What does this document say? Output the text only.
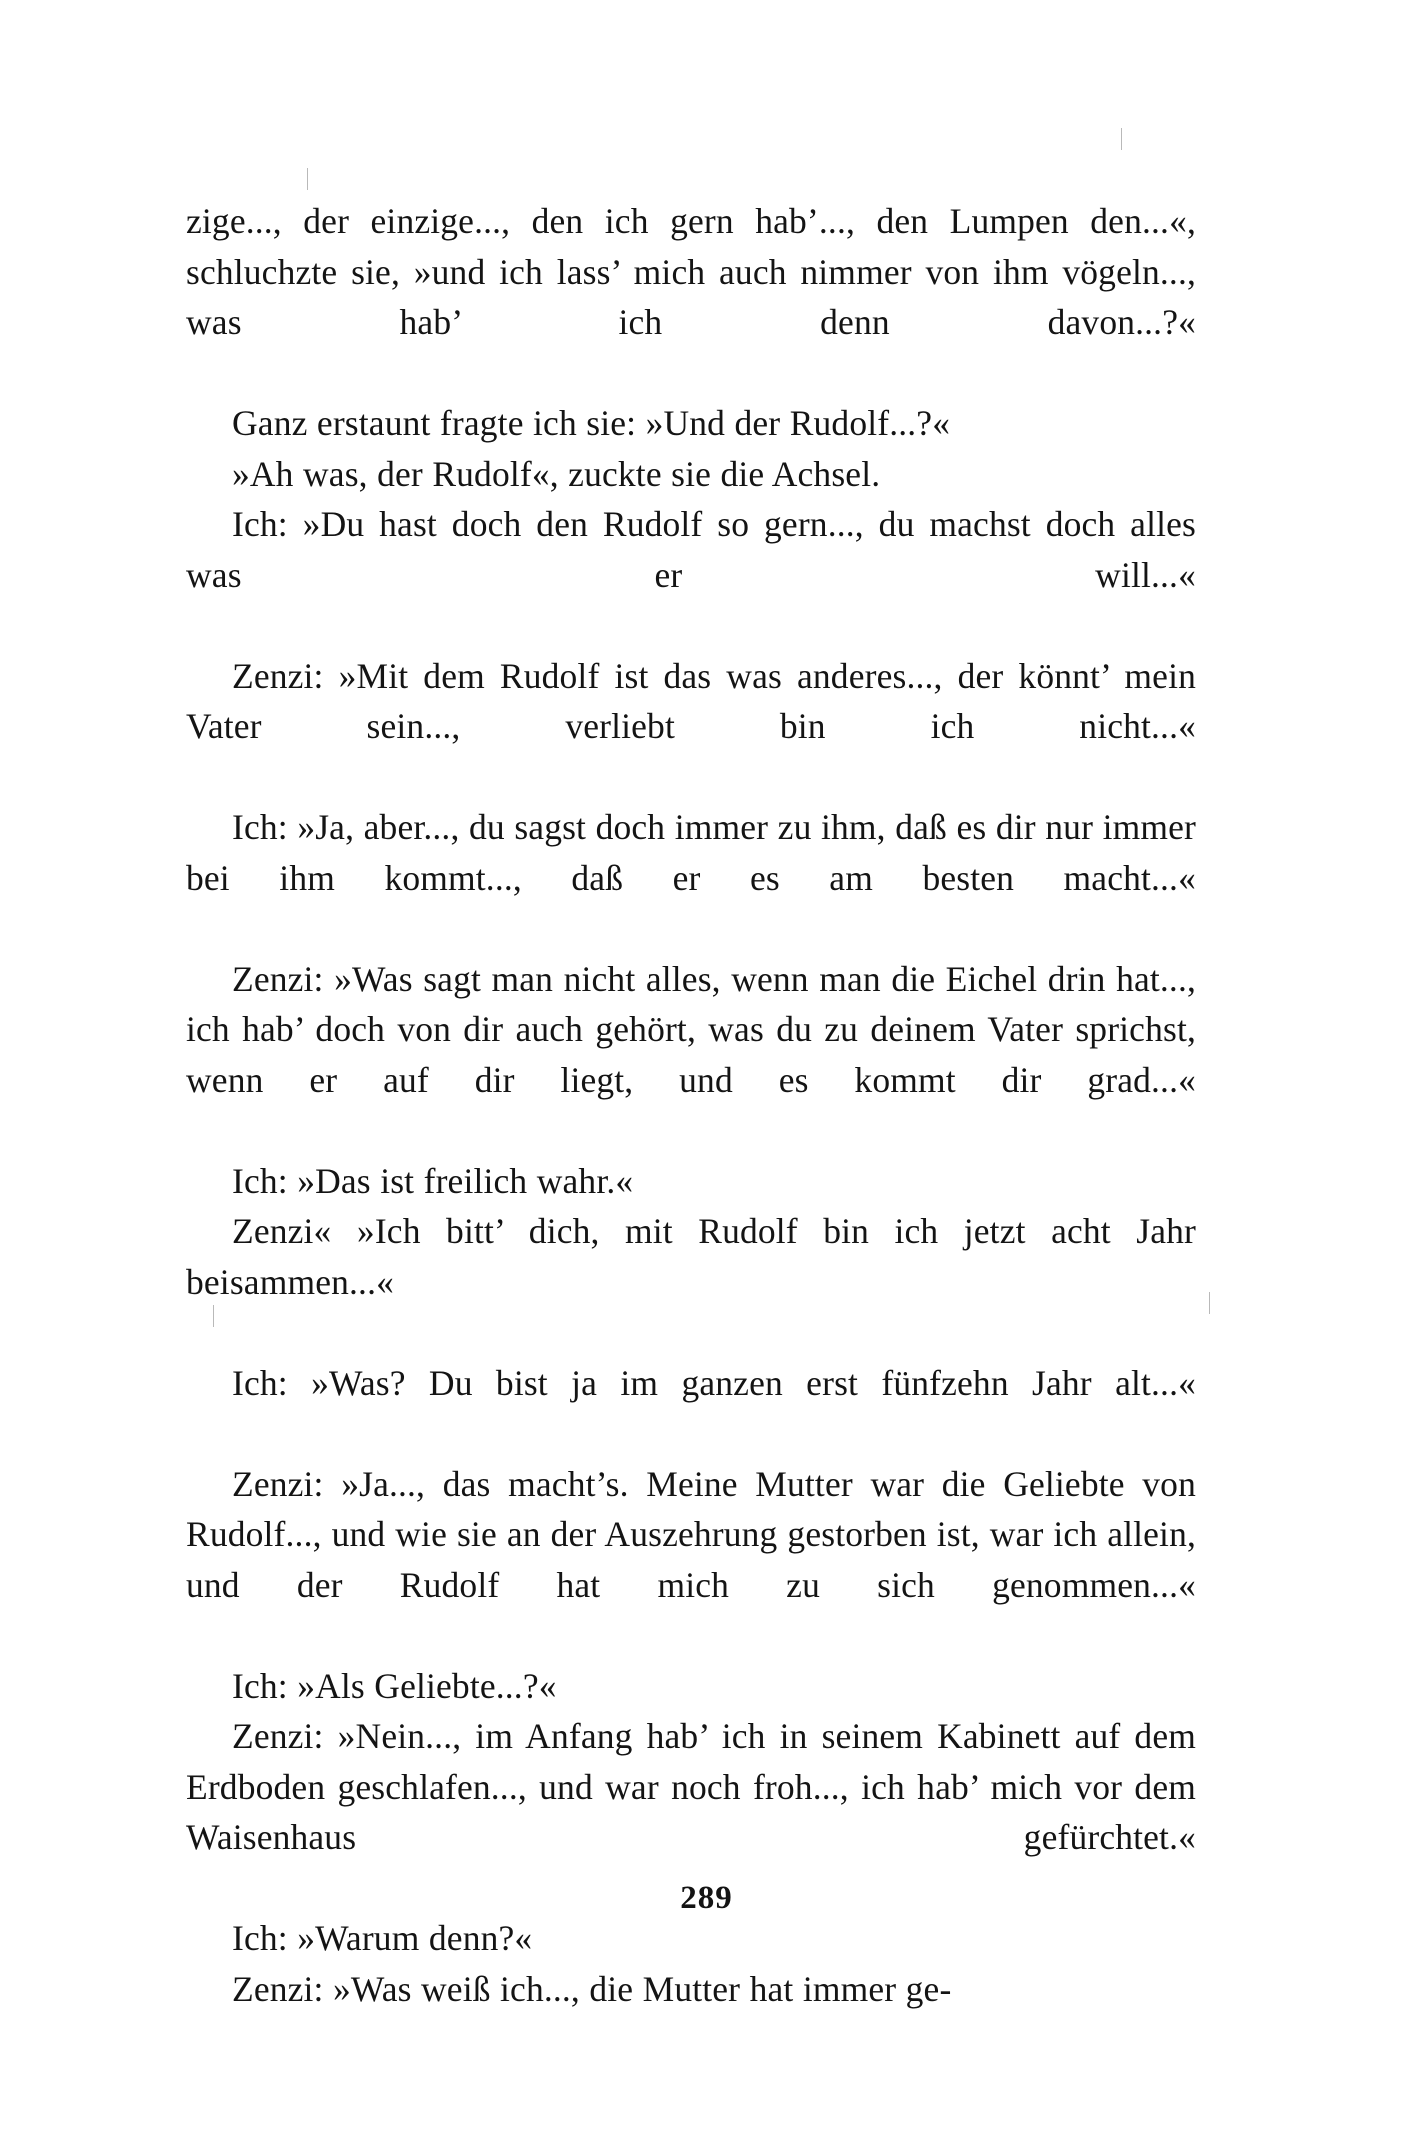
zige..., der einzige..., den ich gern hab’..., den Lumpen den...«, schluchzte sie, »und ich lass’ mich auch nimmer von ihm vögeln..., was hab’ ich denn davon...?«

Ganz erstaunt fragte ich sie: »Und der Rudolf...?«

»Ah was, der Rudolf«, zuckte sie die Achsel.

Ich: »Du hast doch den Rudolf so gern..., du machst doch alles was er will...«

Zenzi: »Mit dem Rudolf ist das was anderes..., der könnt’ mein Vater sein..., verliebt bin ich nicht...«

Ich: »Ja, aber..., du sagst doch immer zu ihm, daß es dir nur immer bei ihm kommt..., daß er es am besten macht...«

Zenzi: »Was sagt man nicht alles, wenn man die Eichel drin hat..., ich hab’ doch von dir auch gehört, was du zu deinem Vater sprichst, wenn er auf dir liegt, und es kommt dir grad...«

Ich: »Das ist freilich wahr.«

Zenzi« »Ich bitt’ dich, mit Rudolf bin ich jetzt acht Jahr beisammen...«

Ich: »Was? Du bist ja im ganzen erst fünfzehn Jahr alt...«

Zenzi: »Ja..., das macht’s. Meine Mutter war die Geliebte von Rudolf..., und wie sie an der Auszehrung gestorben ist, war ich allein, und der Rudolf hat mich zu sich genommen...«

Ich: »Als Geliebte...?«

Zenzi: »Nein..., im Anfang hab’ ich in seinem Kabinett auf dem Erdboden geschlafen..., und war noch froh..., ich hab’ mich vor dem Waisenhaus gefürchtet.«

Ich: »Warum denn?«

Zenzi: »Was weiß ich..., die Mutter hat immer ge-

289
